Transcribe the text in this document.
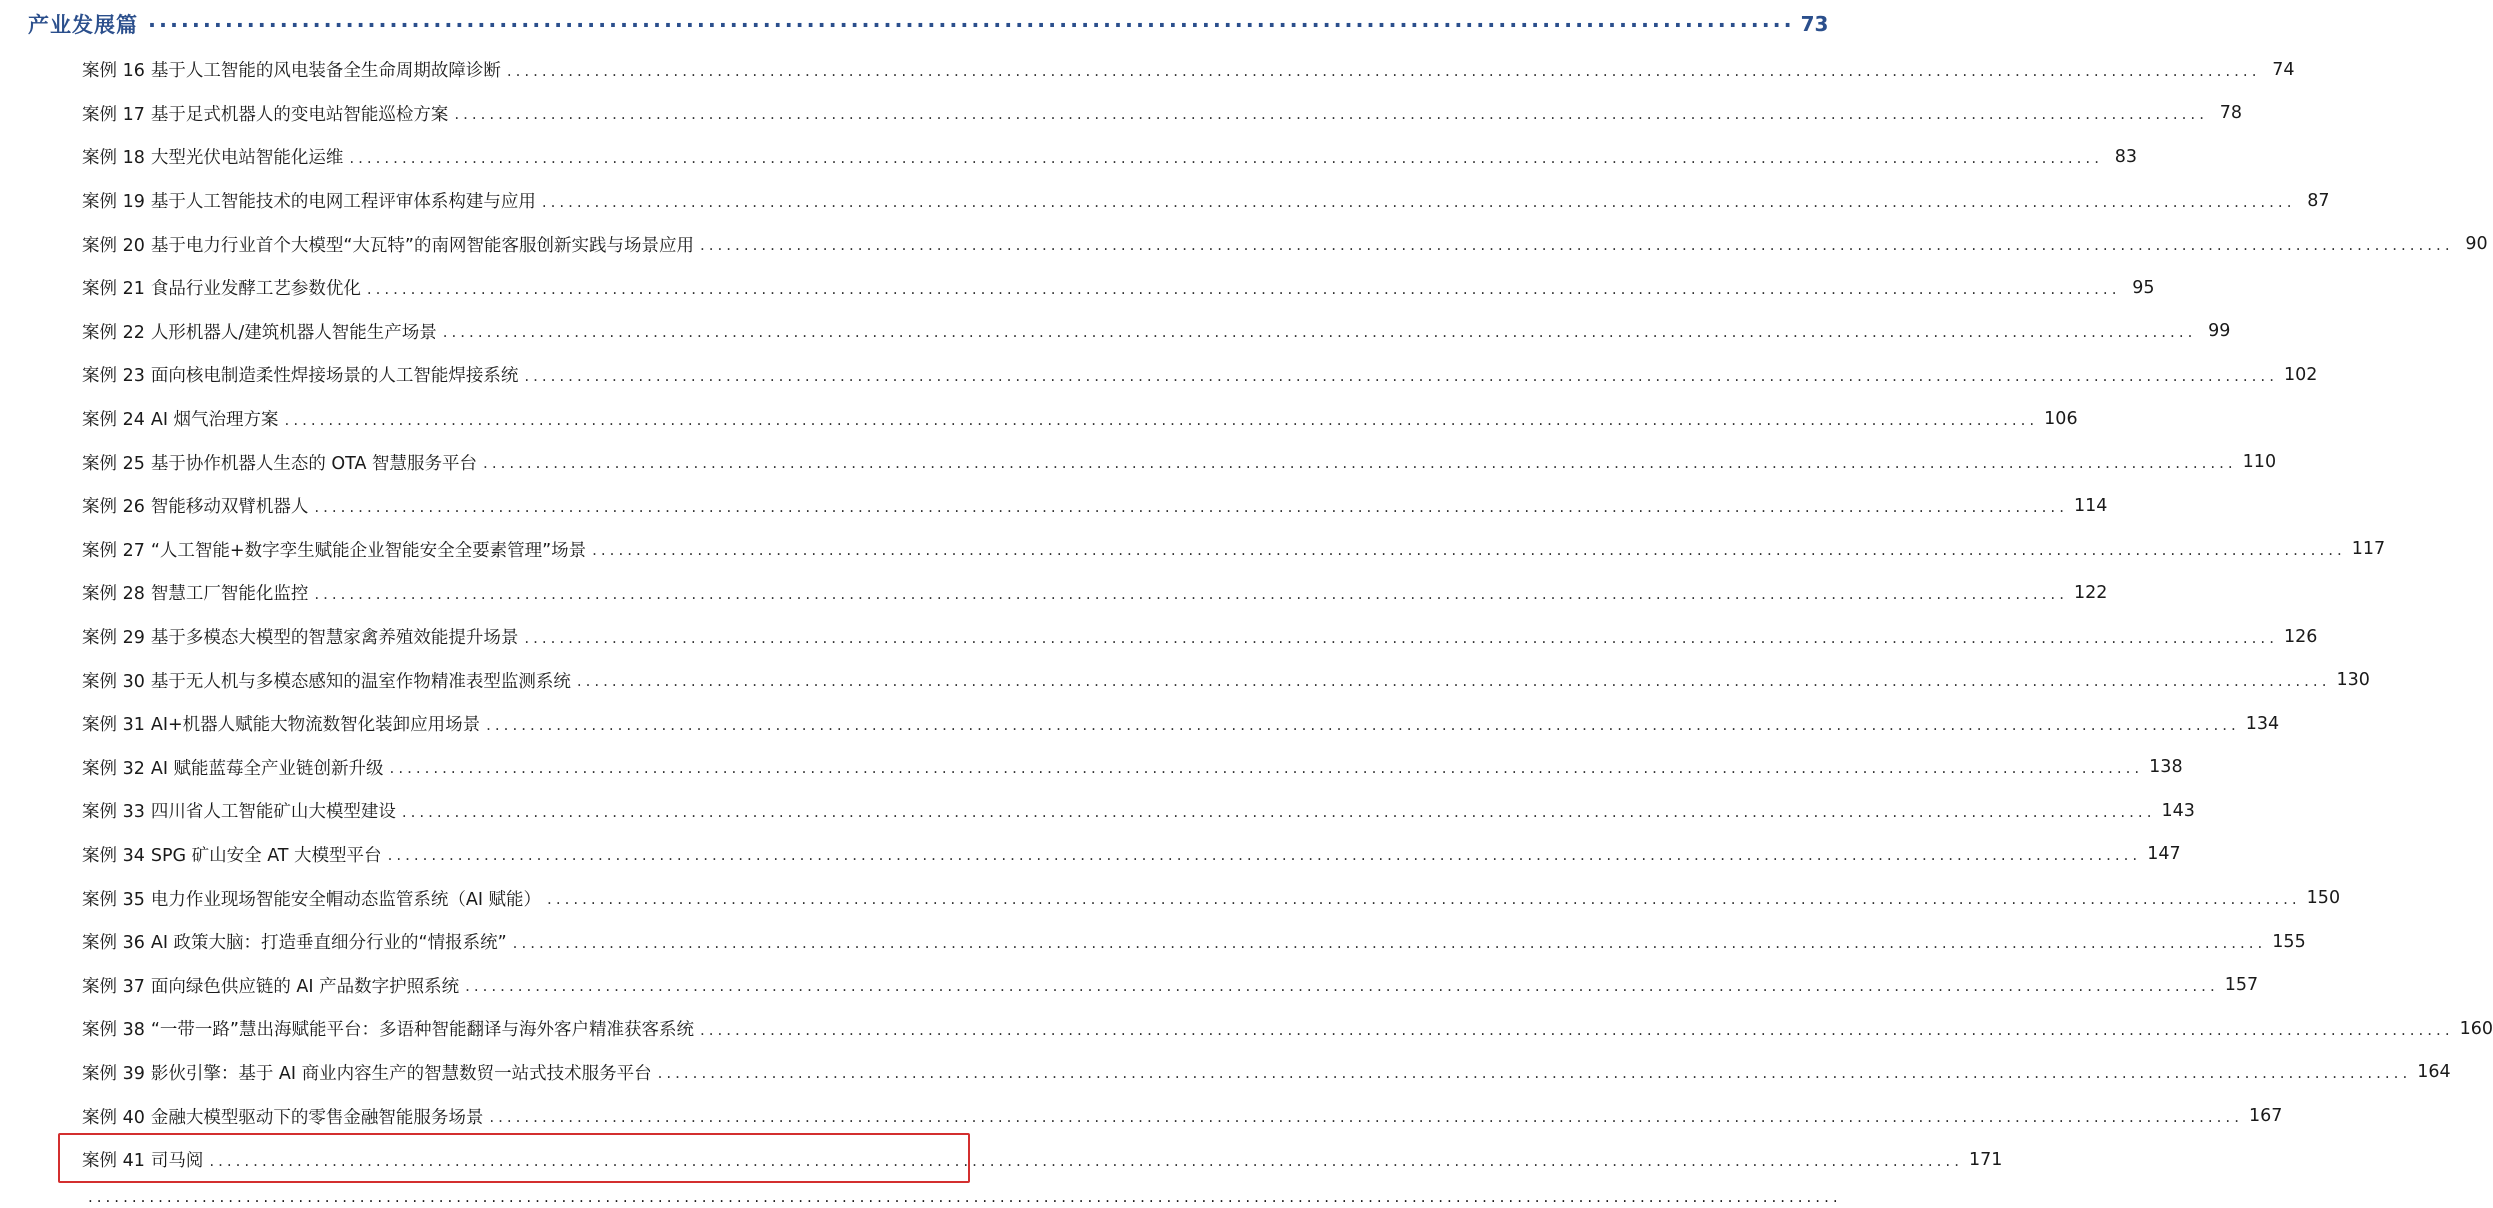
产业发展篇 ...................................................................................................................................................... 73
案例 16 基于人工智能的风电装备全生命周期故障诊断 ........................................................................................................................................................................................................ 74
案例 17 基于足式机器人的变电站智能巡检方案 ........................................................................................................................................................................................................ 78
案例 18 大型光伏电站智能化运维 ........................................................................................................................................................................................................ 83
案例 19 基于人工智能技术的电网工程评审体系构建与应用 ........................................................................................................................................................................................................ 87
案例 20 基于电力行业首个大模型“大瓦特”的南网智能客服创新实践与场景应用 ........................................................................................................................................................................................................ 90
案例 21 食品行业发酵工艺参数优化 ........................................................................................................................................................................................................ 95
案例 22 人形机器人/建筑机器人智能生产场景 ........................................................................................................................................................................................................ 99
案例 23 面向核电制造柔性焊接场景的人工智能焊接系统 ........................................................................................................................................................................................................ 102
案例 24 AI 烟气治理方案 ........................................................................................................................................................................................................ 106
案例 25 基于协作机器人生态的 OTA 智慧服务平台 ........................................................................................................................................................................................................ 110
案例 26 智能移动双臂机器人 ........................................................................................................................................................................................................ 114
案例 27 “人工智能+数字孪生赋能企业智能安全全要素管理”场景 ........................................................................................................................................................................................................ 117
案例 28 智慧工厂智能化监控 ........................................................................................................................................................................................................ 122
案例 29 基于多模态大模型的智慧家禽养殖效能提升场景 ........................................................................................................................................................................................................ 126
案例 30 基于无人机与多模态感知的温室作物精准表型监测系统 ........................................................................................................................................................................................................ 130
案例 31 AI+机器人赋能大物流数智化装卸应用场景 ........................................................................................................................................................................................................ 134
案例 32 AI 赋能蓝莓全产业链创新升级 ........................................................................................................................................................................................................ 138
案例 33 四川省人工智能矿山大模型建设 ........................................................................................................................................................................................................ 143
案例 34 SPG 矿山安全 AT 大模型平台 ........................................................................................................................................................................................................ 147
案例 35 电力作业现场智能安全帽动态监管系统（AI 赋能） ........................................................................................................................................................................................................ 150
案例 36 AI 政策大脑：打造垂直细分行业的“情报系统” ........................................................................................................................................................................................................ 155
案例 37 面向绿色供应链的 AI 产品数字护照系统 ........................................................................................................................................................................................................ 157
案例 38 “一带一路”慧出海赋能平台：多语种智能翻译与海外客户精准获客系统 ........................................................................................................................................................................................................ 160
案例 39 影伙引擎：基于 AI 商业内容生产的智慧数贸一站式技术服务平台 ........................................................................................................................................................................................................ 164
案例 40 金融大模型驱动下的零售金融智能服务场景 ........................................................................................................................................................................................................ 167
案例 41 司马阅 ........................................................................................................................................................................................................ 171
........................................................................................................................................................................................................
